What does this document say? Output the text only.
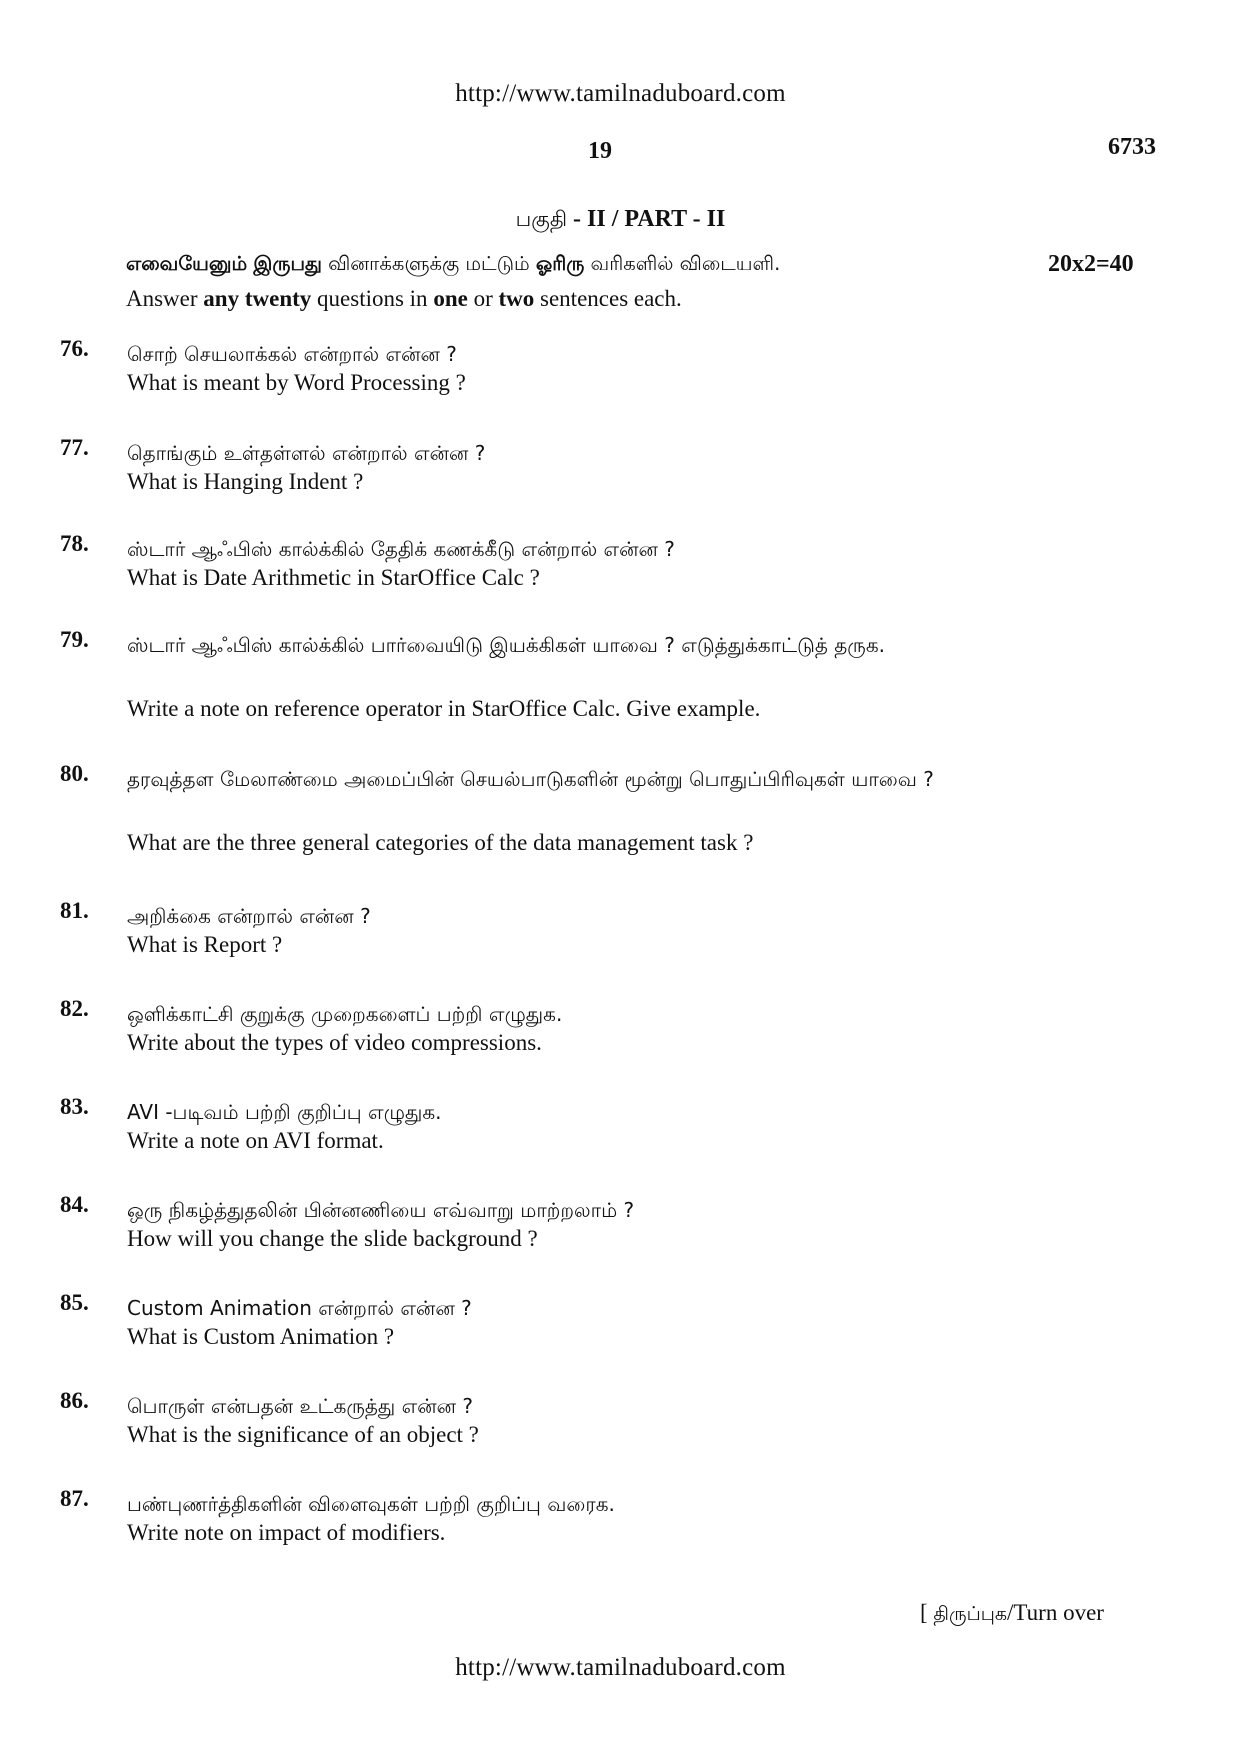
http://www.tamilnaduboard.com
19	6733
பகுதி - II / PART - II
எவையேனும் இருபது வினாக்களுக்கு மட்டும் ஓரிரு வரிகளில் விடையளி.	20x2=40
Answer any twenty questions in one or two sentences each.
76. சொற் செயலாக்கல் என்றால் என்ன ?
What is meant by Word Processing ?
77. தொங்கும் உள்தள்ளல் என்றால் என்ன ?
What is Hanging Indent ?
78. ஸ்டார் ஆஃபிஸ் கால்க்கில் தேதிக் கணக்கீடு என்றால் என்ன ?
What is Date Arithmetic in StarOffice Calc ?
79. ஸ்டார் ஆஃபிஸ் கால்க்கில் பார்வையிடு இயக்கிகள் யாவை ? எடுத்துக்காட்டுத் தருக.
Write a note on reference operator in StarOffice Calc. Give example.
80. தரவுத்தள மேலாண்மை அமைப்பின் செயல்பாடுகளின் மூன்று பொதுப்பிரிவுகள் யாவை ?
What are the three general categories of the data management task ?
81. அறிக்கை என்றால் என்ன ?
What is Report ?
82. ஒளிக்காட்சி குறுக்கு முறைகளைப் பற்றி எழுதுக.
Write about the types of video compressions.
83. AVI -படிவம் பற்றி குறிப்பு எழுதுக.
Write a note on AVI format.
84. ஒரு நிகழ்த்துதலின் பின்னணியை எவ்வாறு மாற்றலாம் ?
How will you change the slide background ?
85. Custom Animation என்றால் என்ன ?
What is Custom Animation ?
86. பொருள் என்பதன் உட்கருத்து என்ன ?
What is the significance of an object ?
87. பண்புணர்த்திகளின் விளைவுகள் பற்றி குறிப்பு வரைக.
Write note on impact of modifiers.
[ திருப்புக/Turn over
http://www.tamilnaduboard.com
